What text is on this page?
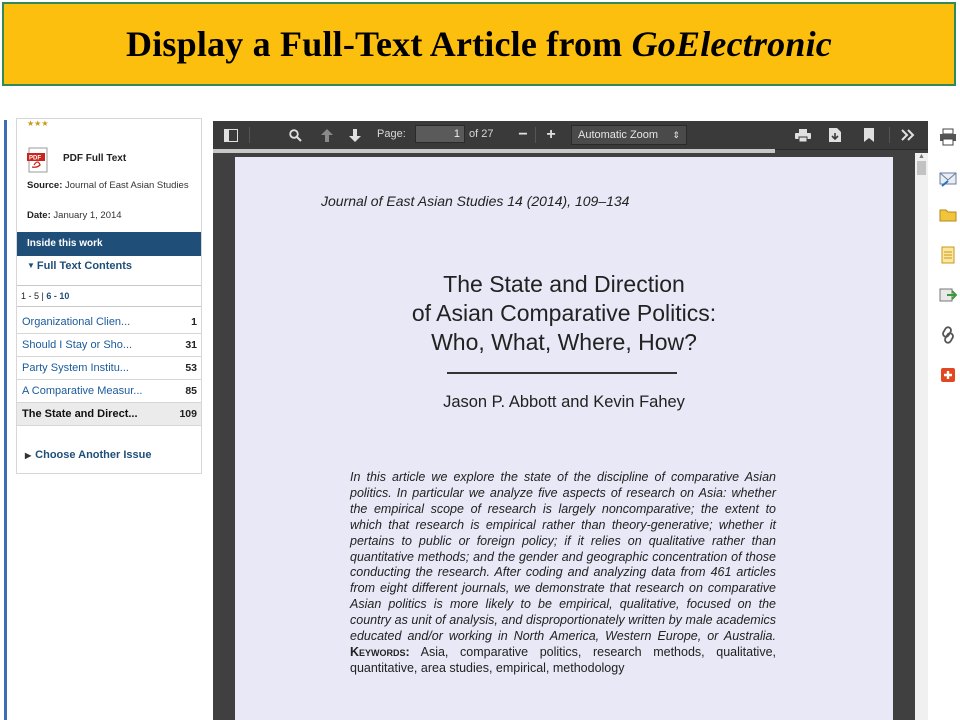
Display a Full-Text Article from GoElectronic
★★★
PDF PDF Full Text
Source: Journal of East Asian Studies
Date: January 1, 2014
Inside this work
▼ Full Text Contents
1 - 5 | 6 - 10
Organizational Clien...	1
Should I Stay or Sho...	31
Party System Institu...	53
A Comparative Measur...	85
The State and Direct...	109
▶ Choose Another Issue
Page:
1	of 27 − +	Automatic Zoom ⇕
▲
Journal of East Asian Studies 14 (2014), 109–134
The State and Direction
of Asian Comparative Politics:
Who, What, Where, How?
Jason P. Abbott and Kevin Fahey
In this article we explore the state of the discipline of comparative Asian politics. In particular we analyze five aspects of research on Asia: whether the empirical scope of research is largely noncomparative; the extent to which that research is empirical rather than theory-generative; whether it pertains to public or foreign policy; if it relies on qualitative rather than quantitative methods; and the gender and geographic concentration of those conducting the research. After coding and analyzing data from 461 articles from eight different journals, we demonstrate that research on comparative Asian politics is more likely to be empirical, qualitative, focused on the country as unit of analysis, and disproportionately written by male academics educated and/or working in North America, Western Europe, or Australia. Keywords: Asia, comparative politics, research methods, qualitative, quantitative, area studies, empirical, methodology
